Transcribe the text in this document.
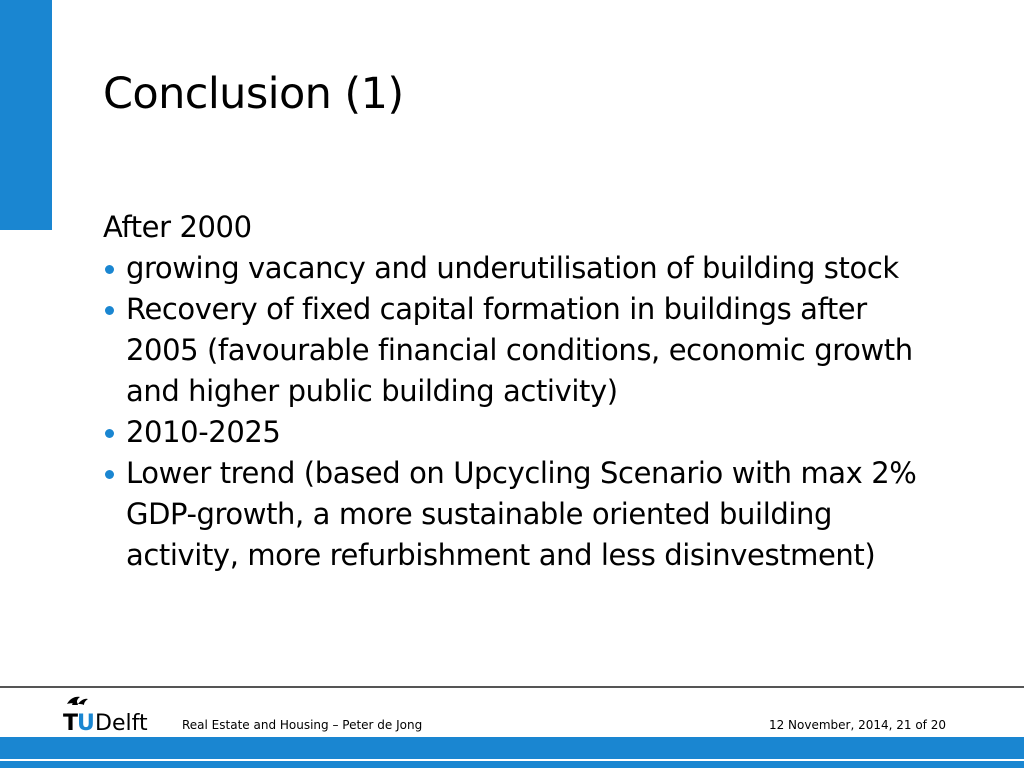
Conclusion (1)

After 2000

growing vacancy and underutilisation of building stock
Recovery of fixed capital formation in buildings after 2005 (favourable financial conditions, economic growth and higher public building activity)
2010-2025
Lower trend (based on Upcycling Scenario with max 2% GDP-growth, a more sustainable oriented building activity, more refurbishment and less disinvestment)
T
U Delft	Real Estate and Housing – Peter de Jong	12 November, 2014, 21 of 20
